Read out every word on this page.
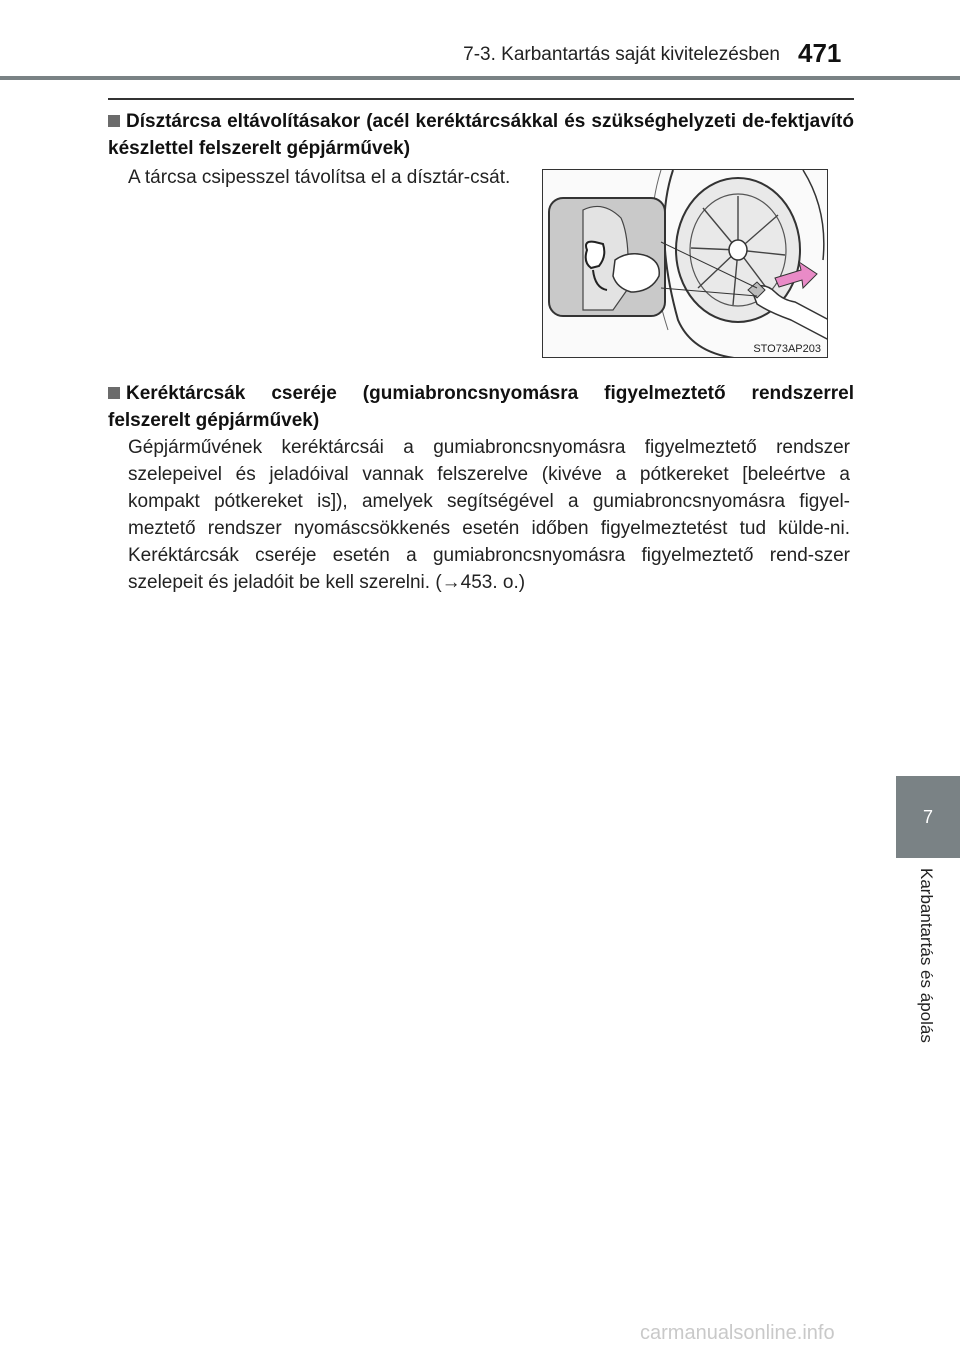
7-3. Karbantartás saját kivitelezésben 471
Dísztárcsa eltávolításakor (acél keréktárcsákkal és szükséghelyzeti de-fektjavító készlettel felszerelt gépjárművek)
A tárcsa csipesszel távolítsa el a dísztár-csát.
STO73AP203
Keréktárcsák cseréje (gumiabroncsnyomásra figyelmeztető rendszerrel felszerelt gépjárművek)
Gépjárművének keréktárcsái a gumiabroncsnyomásra figyelmeztető rendszer szelepeivel és jeladóival vannak felszerelve (kivéve a pótkereket [beleértve a kompakt pótkereket is]), amelyek segítségével a gumiabroncsnyomásra figyel-meztető rendszer nyomáscsökkenés esetén időben figyelmeztetést tud külde-ni. Keréktárcsák cseréje esetén a gumiabroncsnyomásra figyelmeztető rend-szer szelepeit és jeladóit be kell szerelni. (→453. o.)
7
Karbantartás és ápolás
carmanualsonline.info
